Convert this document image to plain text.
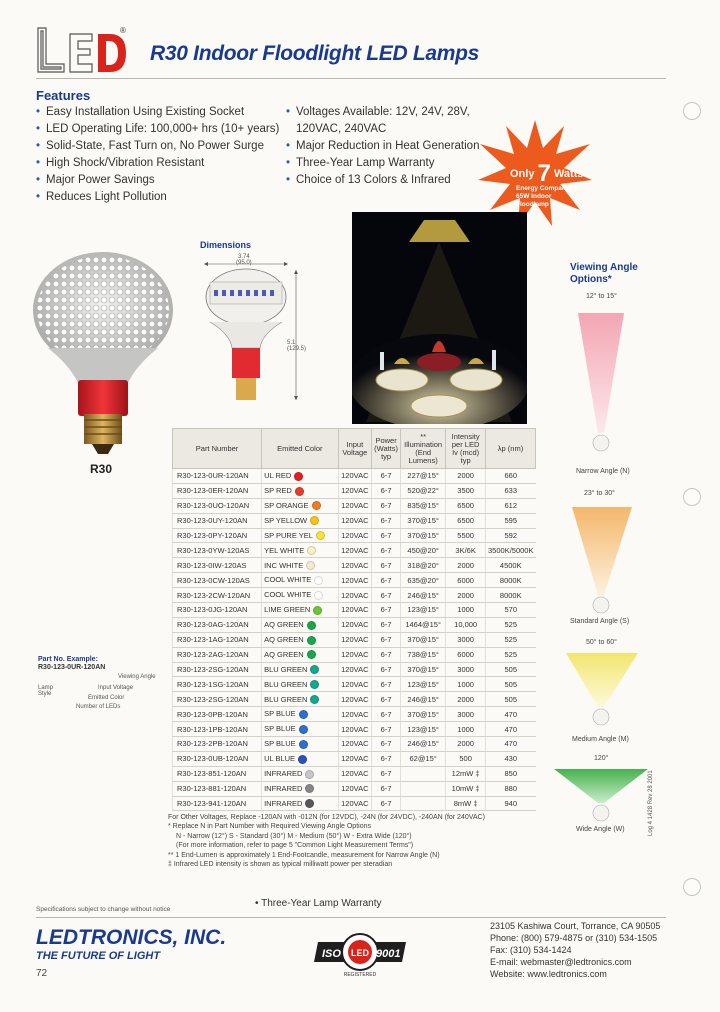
®
R30 Indoor Floodlight LED Lamps
Features
• Easy Installation Using Existing Socket
• LED Operating Life: 100,000+ hrs (10+ years)
• Solid-State, Fast Turn on, No Power Surge
• High Shock/Vibration Resistant
• Major Power Savings
• Reduces Light Pollution
• Voltages Available: 12V, 24V, 28V, 120VAC, 240VAC
• Major Reduction in Heat Generation
• Three-Year Lamp Warranty
• Choice of 13 Colors & Infrared	Only 7 Watts
Energy Compared to 65W Indoor Floodlamp
R30
Dimensions
3.74
(95.0)
5.1
(129.5)
Viewing Angle Options*
12° to 15°
Narrow Angle (N)
23° to 30°
Standard Angle (S)
50° to 60°
Medium Angle (M)
120°
Wide Angle (W)
Part Number	Emitted Color	Input Voltage	Power (Watts) typ	** Illumination (End Lumens)	Intensity per LED Iv (mcd) typ	λp (nm)
R30-123-0UR-120AN	UL RED	120VAC	6-7	227@15°	2000	660
R30-123-0ER-120AN	SP RED	120VAC	6-7	520@22°	3500	633
R30-123-0UO-120AN	SP ORANGE	120VAC	6-7	835@15°	6500	612
R30-123-0UY-120AN	SP YELLOW	120VAC	6-7	370@15°	6500	595
R30-123-0PY-120AN	SP PURE YEL	120VAC	6-7	370@15°	5500	592
R30-123-0YW-120AS	YEL WHITE	120VAC	6-7	450@20°	3K/6K	3500K/5000K
R30-123-0IW-120AS	INC WHITE	120VAC	6-7	318@20°	2000	4500K
R30-123-0CW-120AS	COOL WHITE	120VAC	6-7	635@20°	6000	8000K
R30-123-2CW-120AN	COOL WHITE	120VAC	6-7	246@15°	2000	8000K
R30-123-0JG-120AN	LIME GREEN	120VAC	6-7	123@15°	1000	570
R30-123-0AG-120AN	AQ GREEN	120VAC	6-7	1464@15°	10,000	525
R30-123-1AG-120AN	AQ GREEN	120VAC	6-7	370@15°	3000	525
R30-123-2AG-120AN	AQ GREEN	120VAC	6-7	738@15°	6000	525
R30-123-2SG-120AN	BLU GREEN	120VAC	6-7	370@15°	3000	505
R30-123-1SG-120AN	BLU GREEN	120VAC	6-7	123@15°	1000	505
R30-123-2SG-120AN	BLU GREEN	120VAC	6-7	246@15°	2000	505
R30-123-0PB-120AN	SP BLUE	120VAC	6-7	370@15°	3000	470
R30-123-1PB-120AN	SP BLUE	120VAC	6-7	123@15°	1000	470
R30-123-2PB-120AN	SP BLUE	120VAC	6-7	246@15°	2000	470
R30-123-0UB-120AN	UL BLUE	120VAC	6-7	62@15°	500	430
R30-123-851-120AN	INFRARED	120VAC	6-7		12mW ‡	850
R30-123-881-120AN	INFRARED	120VAC	6-7		10mW ‡	880
R30-123-941-120AN	INFRARED	120VAC	6-7		8mW ‡	940
Part No. Example:
R30-123-0UR-120AN
Viewing Angle
Lamp Style
Input Voltage
Emitted Color
Number of LEDs
For Other Voltages, Replace -120AN with -012N (for 12VDC), -24N (for 24VDC), -240AN (for 240VAC)
* Replace N in Part Number with Required Viewing Angle Options
N - Narrow (12°) S - Standard (30°) M - Medium (50°) W - Extra Wide (120°)
(For more information, refer to page 5 "Common Light Measurement Terms")
** 1 End-Lumen is approximately 1 End-Footcandle, measurement for Narrow Angle (N)
‡ Infrared LED intensity is shown as typical milliwatt power per steradian
• Three-Year Lamp Warranty
Specifications subject to change without notice
LEDTRONICS, INC.
THE FUTURE OF LIGHT
72
LED
ISO	9001
REGISTERED
23105 Kashiwa Court, Torrance, CA 90505
Phone: (800) 579-4875 or (310) 534-1505
Fax: (310) 534-1424
E-mail: webmaster@ledtronics.com
Website: www.ledtronics.com
Log 4 1428 Rev 28 2001
